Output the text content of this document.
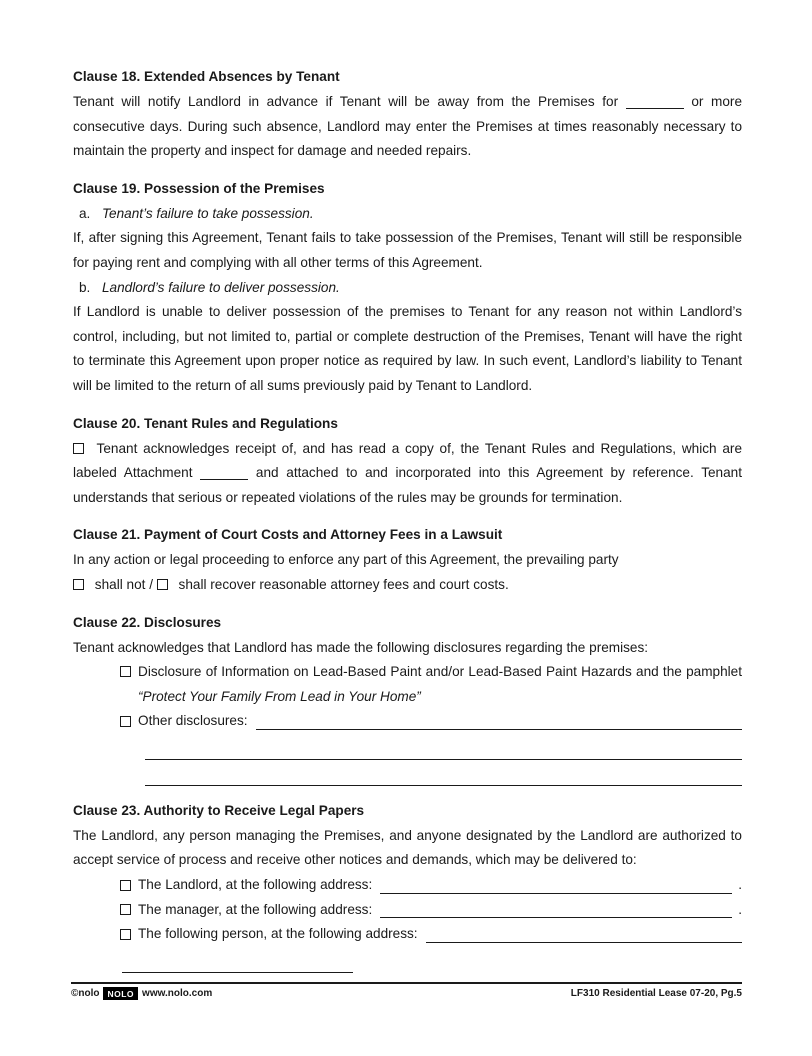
Clause 18. Extended Absences by Tenant

Tenant will notify Landlord in advance if Tenant will be away from the Premises for	or more consecutive days. During such absence, Landlord may enter the Premises at times reasonably necessary to maintain the property and inspect for damage and needed repairs.

Clause 19. Possession of the Premises
a. Tenant’s failure to take possession.

If, after signing this Agreement, Tenant fails to take possession of the Premises, Tenant will still be responsible for paying rent and complying with all other terms of this Agreement.

b. Landlord’s failure to deliver possession.

If Landlord is unable to deliver possession of the premises to Tenant for any reason not within Landlord’s control, including, but not limited to, partial or complete destruction of the Premises, Tenant will have the right to terminate this Agreement upon proper notice as required by law. In such event, Landlord’s liability to Tenant will be limited to the return of all sums previously paid by Tenant to Landlord.

Clause 20. Tenant Rules and Regulations

Tenant acknowledges receipt of, and has read a copy of, the Tenant Rules and Regulations, which are labeled Attachment	and attached to and incorporated into this Agreement by reference. Tenant understands that serious or repeated violations of the rules may be grounds for termination.

Clause 21. Payment of Court Costs and Attorney Fees in a Lawsuit

In any action or legal proceeding to enforce any part of this Agreement, the prevailing party

shall not / shall recover reasonable attorney fees and court costs.

Clause 22. Disclosures

Tenant acknowledges that Landlord has made the following disclosures regarding the premises:

Disclosure of Information on Lead-Based Paint and/or Lead-Based Paint Hazards and the pamphlet “Protect Your Family From Lead in Your Home”
Other disclosures:
Clause 23. Authority to Receive Legal Papers

The Landlord, any person managing the Premises, and anyone designated by the Landlord are authorized to accept service of process and receive other notices and demands, which may be delivered to:

The Landlord, at the following address:	.
The manager, at the following address:	.
The following person, at the following address:
©nolo NOLO www.nolo.com	LF310 Residential Lease 07-20, Pg.5
